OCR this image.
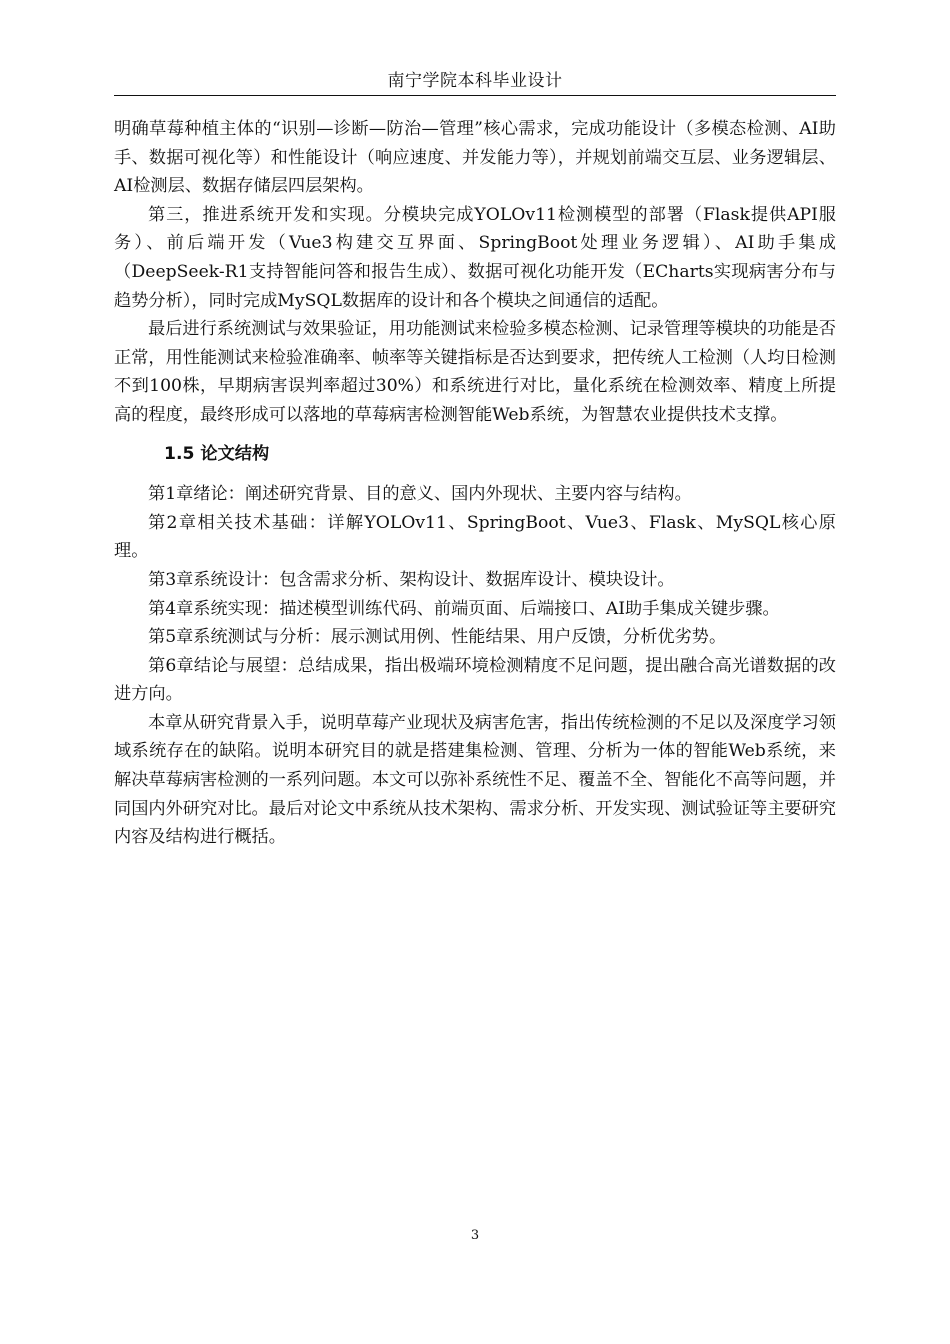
南宁学院本科毕业设计

明确草莓种植主体的“识别—诊断—防治—管理”核心需求，完成功能设计（多模态检测、AI助手、数据可视化等）和性能设计（响应速度、并发能力等），并规划前端交互层、业务逻辑层、AI检测层、数据存储层四层架构。

第三，推进系统开发和实现。分模块完成YOLOv11检测模型的部署（Flask提供API服务）、前后端开发（Vue3构建交互界面、SpringBoot处理业务逻辑）、AI助手集成（DeepSeek-R1支持智能问答和报告生成）、数据可视化功能开发（ECharts实现病害分布与趋势分析），同时完成MySQL数据库的设计和各个模块之间通信的适配。

最后进行系统测试与效果验证，用功能测试来检验多模态检测、记录管理等模块的功能是否正常，用性能测试来检验准确率、帧率等关键指标是否达到要求，把传统人工检测（人均日检测不到100株，早期病害误判率超过30%）和系统进行对比，量化系统在检测效率、精度上所提高的程度，最终形成可以落地的草莓病害检测智能Web系统，为智慧农业提供技术支撑。

1.5 论文结构

第1章绪论：阐述研究背景、目的意义、国内外现状、主要内容与结构。

第2章相关技术基础：详解YOLOv11、SpringBoot、Vue3、Flask、MySQL核心原理。

第3章系统设计：包含需求分析、架构设计、数据库设计、模块设计。

第4章系统实现：描述模型训练代码、前端页面、后端接口、AI助手集成关键步骤。

第5章系统测试与分析：展示测试用例、性能结果、用户反馈，分析优劣势。

第6章结论与展望：总结成果，指出极端环境检测精度不足问题，提出融合高光谱数据的改进方向。

本章从研究背景入手，说明草莓产业现状及病害危害，指出传统检测的不足以及深度学习领域系统存在的缺陷。说明本研究目的就是搭建集检测、管理、分析为一体的智能Web系统，来解决草莓病害检测的一系列问题。本文可以弥补系统性不足、覆盖不全、智能化不高等问题，并同国内外研究对比。最后对论文中系统从技术架构、需求分析、开发实现、测试验证等主要研究内容及结构进行概括。

3
